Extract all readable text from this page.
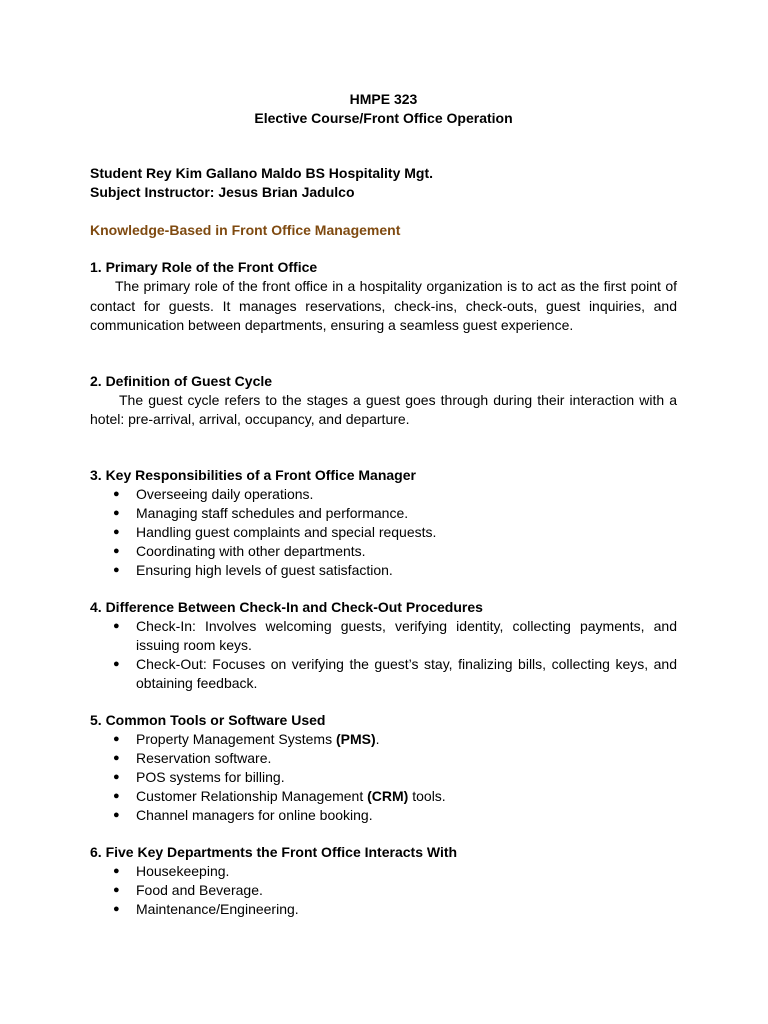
HMPE 323
Elective Course/Front Office Operation
Student Rey Kim Gallano Maldo BS Hospitality Mgt.
Subject Instructor: Jesus Brian Jadulco
Knowledge-Based in Front Office Management
1. Primary Role of the Front Office

The primary role of the front office in a hospitality organization is to act as the first point of contact for guests. It manages reservations, check-ins, check-outs, guest inquiries, and communication between departments, ensuring a seamless guest experience.

2. Definition of Guest Cycle

The guest cycle refers to the stages a guest goes through during their interaction with a hotel: pre-arrival, arrival, occupancy, and departure.

3. Key Responsibilities of a Front Office Manager
● Overseeing daily operations.
● Managing staff schedules and performance.
● Handling guest complaints and special requests.
● Coordinating with other departments.
● Ensuring high levels of guest satisfaction.
4. Difference Between Check-In and Check-Out Procedures
● Check-In: Involves welcoming guests, verifying identity, collecting payments, and issuing room keys.
● Check-Out: Focuses on verifying the guest’s stay, finalizing bills, collecting keys, and obtaining feedback.
5. Common Tools or Software Used
● Property Management Systems (PMS).
● Reservation software.
● POS systems for billing.
● Customer Relationship Management (CRM) tools.
● Channel managers for online booking.
6. Five Key Departments the Front Office Interacts With
● Housekeeping.
● Food and Beverage.
● Maintenance/Engineering.
